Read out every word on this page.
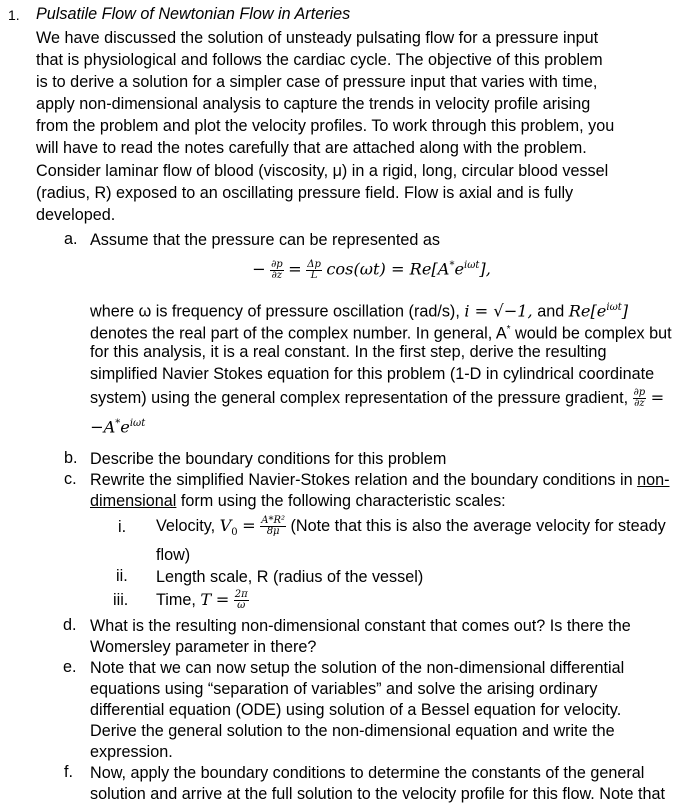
1. Pulsatile Flow of Newtonian Flow in Arteries
We have discussed the solution of unsteady pulsating flow for a pressure input
that is physiological and follows the cardiac cycle. The objective of this problem
is to derive a solution for a simpler case of pressure input that varies with time,
apply non-dimensional analysis to capture the trends in velocity profile arising
from the problem and plot the velocity profiles. To work through this problem, you
will have to read the notes carefully that are attached along with the problem.
Consider laminar flow of blood (viscosity, μ) in a rigid, long, circular blood vessel
(radius, R) exposed to an oscillating pressure field. Flow is axial and is fully
developed.
a. Assume that the pressure can be represented as
− $\frac{\partial p}{\partial z} = \frac{\Delta p}{L} \cos(\omega t) = Re[A^*e^{i\omega t}]$,
where ω is frequency of pressure oscillation (rad/s), i = √−1, and $Re[e^{i\omega t}]$
denotes the real part of the complex number. In general, A* would be complex but
for this analysis, it is a real constant. In the first step, derive the resulting
simplified Navier Stokes equation for this problem (1-D in cylindrical coordinate
system) using the general complex representation of the pressure gradient, $\frac{\partial p}{\partial z}$ =
$-A^*e^{i\omega t}$
b. Describe the boundary conditions for this problem
c. Rewrite the simplified Navier-Stokes relation and the boundary conditions in non-
dimensional form using the following characteristic scales:
i. Velocity, $V_0 = \frac{\text{A*R²}}{8\mu}$ (Note that this is also the average velocity for steady
flow)
ii. Length scale, R (radius of the vessel)
iii. Time, $T = \frac{2\pi}{\omega}$
d. What is the resulting non-dimensional constant that comes out? Is there the
Womersley parameter in there?
e. Note that we can now setup the solution of the non-dimensional differential
equations using “separation of variables” and solve the arising ordinary
differential equation (ODE) using solution of a Bessel equation for velocity.
Derive the general solution to the non-dimensional equation and write the
expression.
f. Now, apply the boundary conditions to determine the constants of the general
solution and arrive at the full solution to the velocity profile for this flow. Note that
